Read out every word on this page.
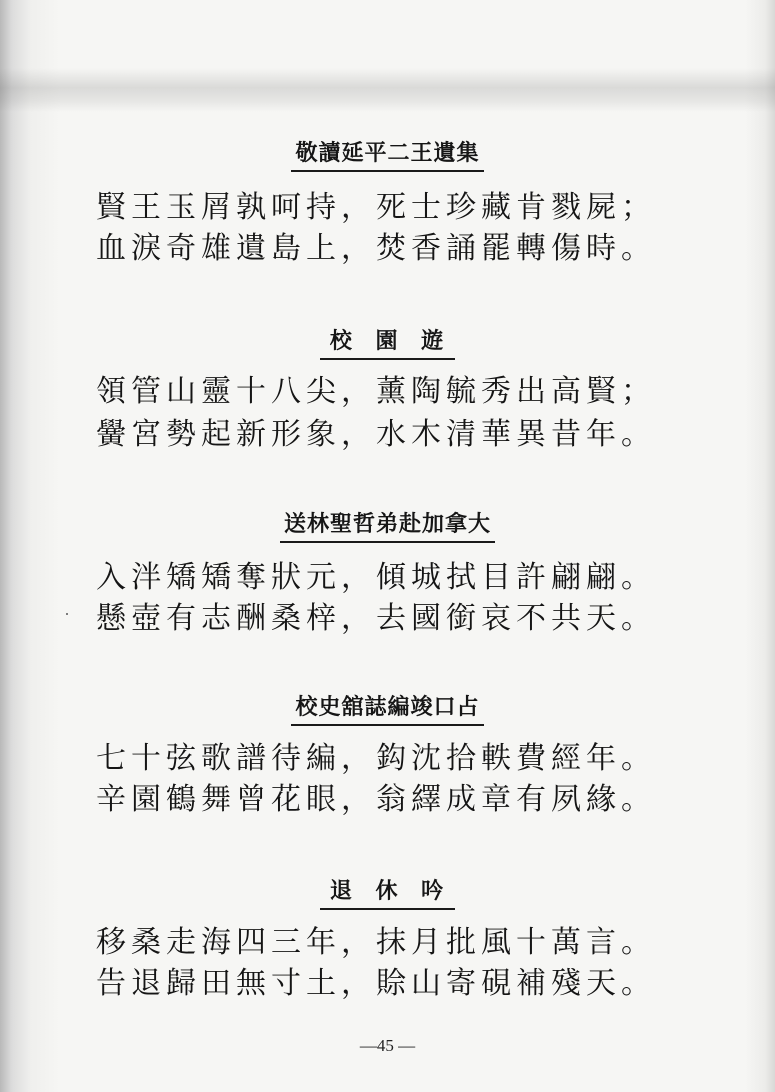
敬讀延平二王遺集
賢王玉屑孰呵持，死士珍藏肯戮屍；
血淚奇雄遺島上，焚香誦罷轉傷時。
校 園 遊
領管山靈十八尖，薰陶毓秀出高賢；
黌宮勢起新形象，水木清華異昔年。
送林聖哲弟赴加拿大
入泮矯矯奪狀元，傾城拭目許翩翩。
懸壺有志酬桑梓，去國銜哀不共天。
校史舘誌編竣口占
七十弦歌譜待編，鈎沈拾軼費經年。
辛園鶴舞曾花眼，翁繹成章有夙緣。
退 休 吟
移桑走海四三年，抹月批風十萬言。
告退歸田無寸土，賒山寄硯補殘天。
—45 —
